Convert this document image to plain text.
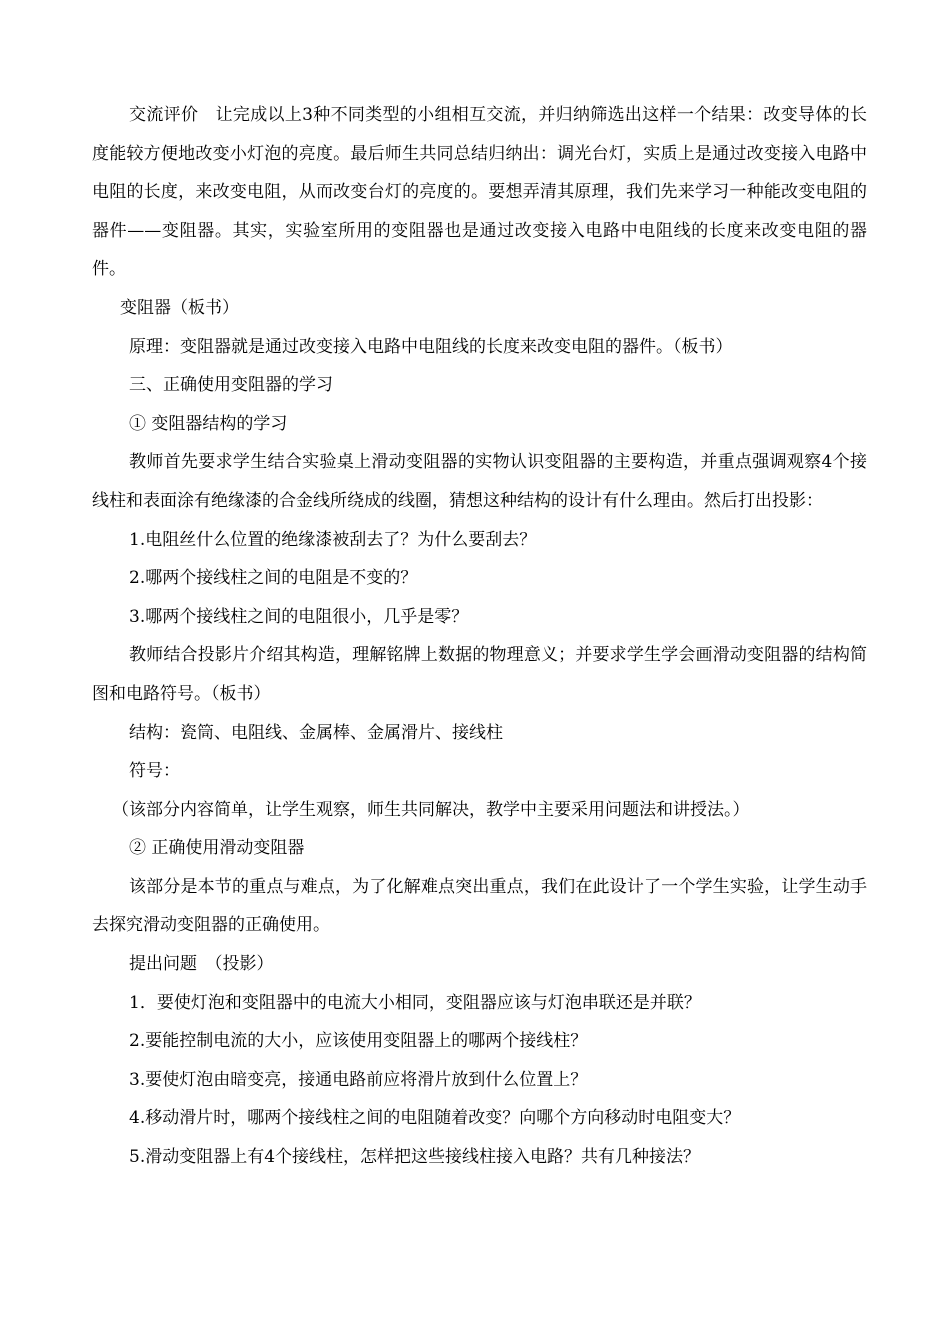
交流评价　让完成以上3种不同类型的小组相互交流，并归纳筛选出这样一个结果：改变导体的长度能较方便地改变小灯泡的亮度。最后师生共同总结归纳出：调光台灯，实质上是通过改变接入电路中电阻的长度，来改变电阻，从而改变台灯的亮度的。要想弄清其原理，我们先来学习一种能改变电阻的器件——变阻器。其实，实验室所用的变阻器也是通过改变接入电路中电阻线的长度来改变电阻的器件。

变阻器（板书）

原理：变阻器就是通过改变接入电路中电阻线的长度来改变电阻的器件。（板书）

三、正确使用变阻器的学习

① 变阻器结构的学习

教师首先要求学生结合实验桌上滑动变阻器的实物认识变阻器的主要构造，并重点强调观察4个接线柱和表面涂有绝缘漆的合金线所绕成的线圈，猜想这种结构的设计有什么理由。然后打出投影：

1.电阻丝什么位置的绝缘漆被刮去了？为什么要刮去？

2.哪两个接线柱之间的电阻是不变的？

3.哪两个接线柱之间的电阻很小，几乎是零？

教师结合投影片介绍其构造，理解铭牌上数据的物理意义；并要求学生学会画滑动变阻器的结构简图和电路符号。（板书）

结构：瓷筒、电阻线、金属棒、金属滑片、接线柱

符号：

（该部分内容简单，让学生观察，师生共同解决，教学中主要采用问题法和讲授法。）

② 正确使用滑动变阻器

该部分是本节的重点与难点，为了化解难点突出重点，我们在此设计了一个学生实验，让学生动手去探究滑动变阻器的正确使用。

提出问题　（投影）

1．要使灯泡和变阻器中的电流大小相同，变阻器应该与灯泡串联还是并联？

2.要能控制电流的大小，应该使用变阻器上的哪两个接线柱？

3.要使灯泡由暗变亮，接通电路前应将滑片放到什么位置上？

4.移动滑片时，哪两个接线柱之间的电阻随着改变？向哪个方向移动时电阻变大？

5.滑动变阻器上有4个接线柱，怎样把这些接线柱接入电路？共有几种接法？
